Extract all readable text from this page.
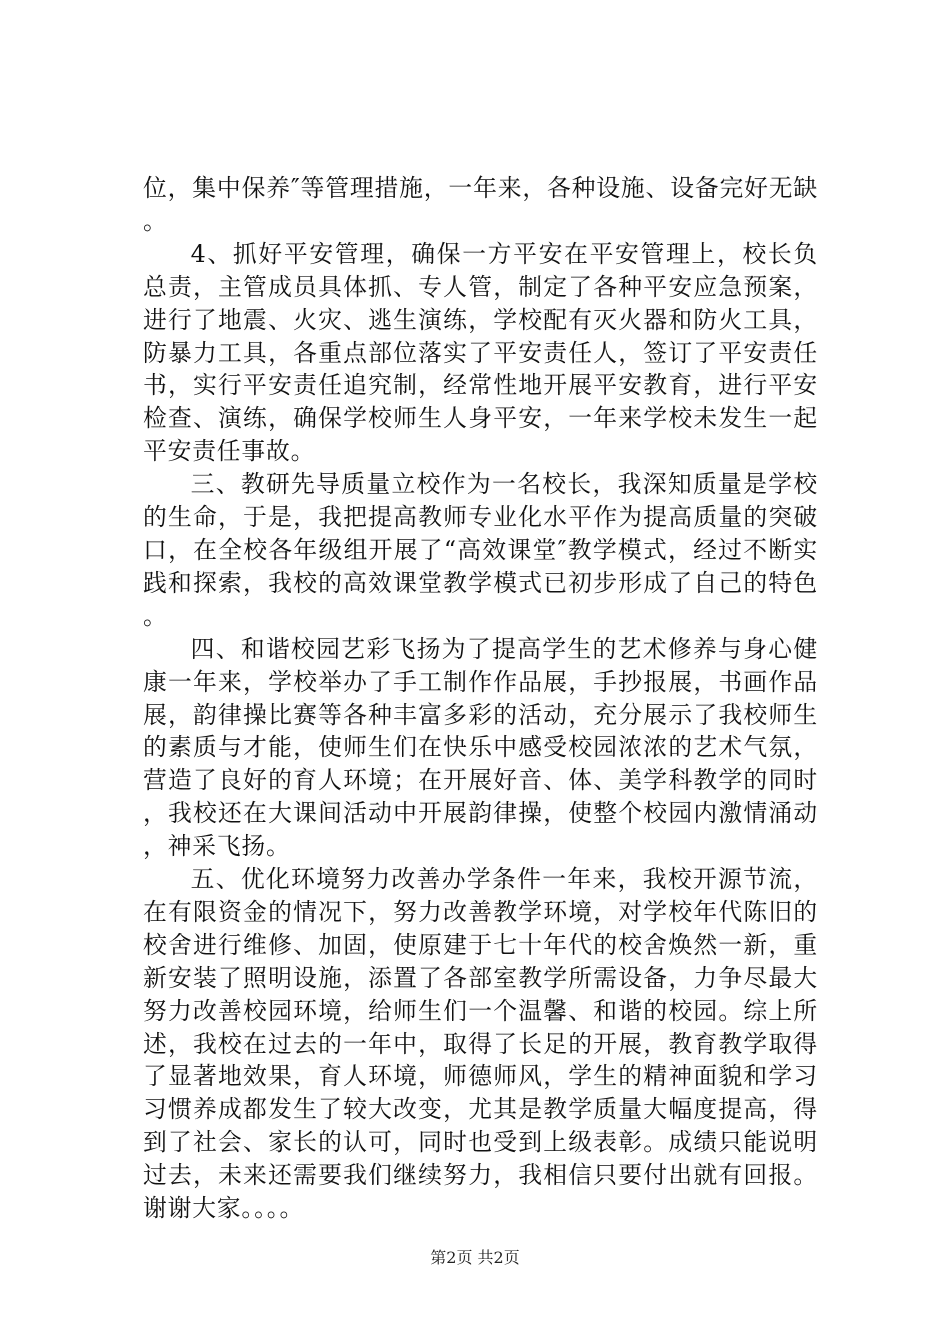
位，集中保养″等管理措施，一年来，各种设施、设备完好无缺。

4、抓好平安管理，确保一方平安在平安管理上，校长负总责，主管成员具体抓、专人管，制定了各种平安应急预案，进行了地震、火灾、逃生演练，学校配有灭火器和防火工具，防暴力工具，各重点部位落实了平安责任人，签订了平安责任书，实行平安责任追究制，经常性地开展平安教育，进行平安检查、演练，确保学校师生人身平安，一年来学校未发生一起平安责任事故。

三、教研先导质量立校作为一名校长，我深知质量是学校的生命，于是，我把提高教师专业化水平作为提高质量的突破口，在全校各年级组开展了“高效课堂″教学模式，经过不断实践和探索，我校的高效课堂教学模式已初步形成了自己的特色。

四、和谐校园艺彩飞扬为了提高学生的艺术修养与身心健康一年来，学校举办了手工制作作品展，手抄报展，书画作品展，韵律操比赛等各种丰富多彩的活动，充分展示了我校师生的素质与才能，使师生们在快乐中感受校园浓浓的艺术气氛，营造了良好的育人环境；在开展好音、体、美学科教学的同时，我校还在大课间活动中开展韵律操，使整个校园内激情涌动，神采飞扬。

五、优化环境努力改善办学条件一年来，我校开源节流，在有限资金的情况下，努力改善教学环境，对学校年代陈旧的校舍进行维修、加固，使原建于七十年代的校舍焕然一新，重新安装了照明设施，添置了各部室教学所需设备，力争尽最大努力改善校园环境，给师生们一个温馨、和谐的校园。综上所述，我校在过去的一年中，取得了长足的开展，教育教学取得了显著地效果，育人环境，师德师风，学生的精神面貌和学习习惯养成都发生了较大改变，尤其是教学质量大幅度提高，得到了社会、家长的认可，同时也受到上级表彰。成绩只能说明过去，未来还需要我们继续努力，我相信只要付出就有回报。谢谢大家。。。。

第2页 共2页
